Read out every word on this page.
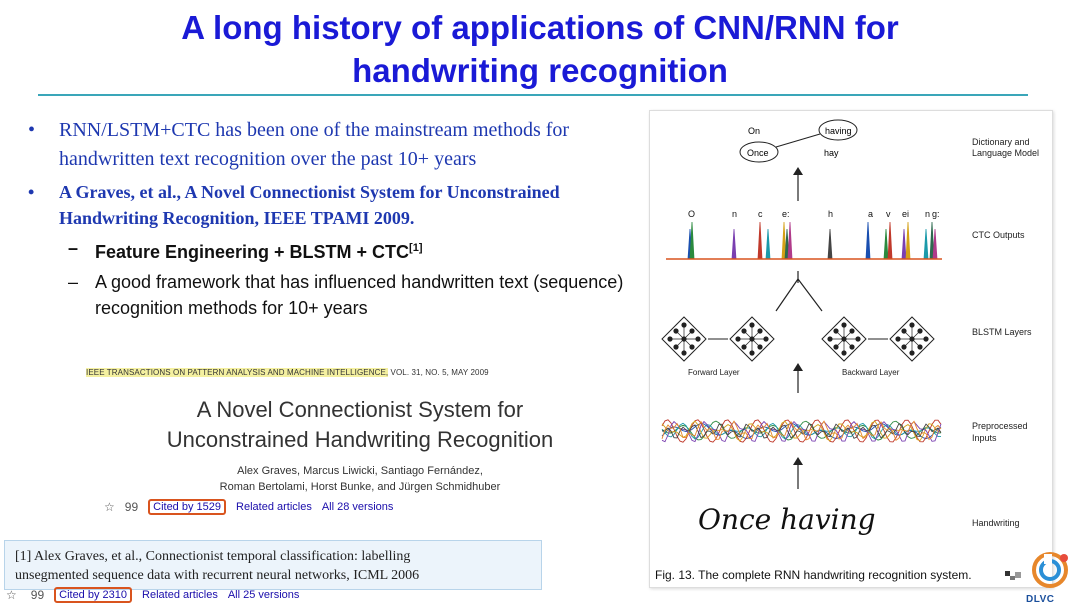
A long history of applications of CNN/RNN for
handwriting recognition
• RNN/LSTM+CTC has been one of the mainstream methods for handwritten text recognition over the past 10+ years
• A Graves, et al., A Novel Connectionist System for Unconstrained Handwriting Recognition, IEEE TPAMI 2009.
– Feature Engineering + BLSTM + CTC[1]
– A good framework that has influenced handwritten text (sequence) recognition methods for 10+ years
IEEE TRANSACTIONS ON PATTERN ANALYSIS AND MACHINE INTELLIGENCE, VOL. 31, NO. 5, MAY 2009
A Novel Connectionist System for
Unconstrained Handwriting Recognition
Alex Graves, Marcus Liwicki, Santiago Fernández,
Roman Bertolami, Horst Bunke, and Jürgen Schmidhuber
☆ 99	Cited by 1529	Related articles All 28 versions
[1] Alex Graves, et al., Connectionist temporal classification: labelling
unsegmented sequence data with recurrent neural networks, ICML 2006
☆ 99	Cited by 2310	Related articles All 25 versions
On	having
Once	hay
Dictionary and
Language Model
O	n c e:	h	a v ei n g:
CTC Outputs
Forward Layer	Backward Layer
BLSTM Layers
Preprocessed
Inputs
Once having	Handwriting
Fig. 13. The complete RNN handwriting recognition system.
DLVC
